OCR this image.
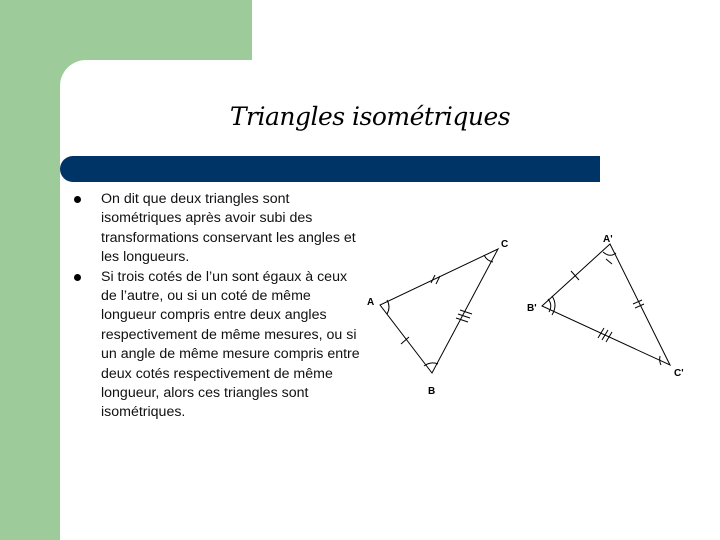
Triangles isométriques
On dit que deux triangles sont isométriques après avoir subi des transformations conservant les angles et les longueurs.
Si trois cotés de l’un sont égaux à ceux de l’autre, ou si un coté de même longueur compris entre deux angles respectivement de même mesures, ou si un angle de même mesure compris entre deux cotés respectivement de même longueur, alors ces triangles sont isométriques.
A
B
C	A'
B'
C'
